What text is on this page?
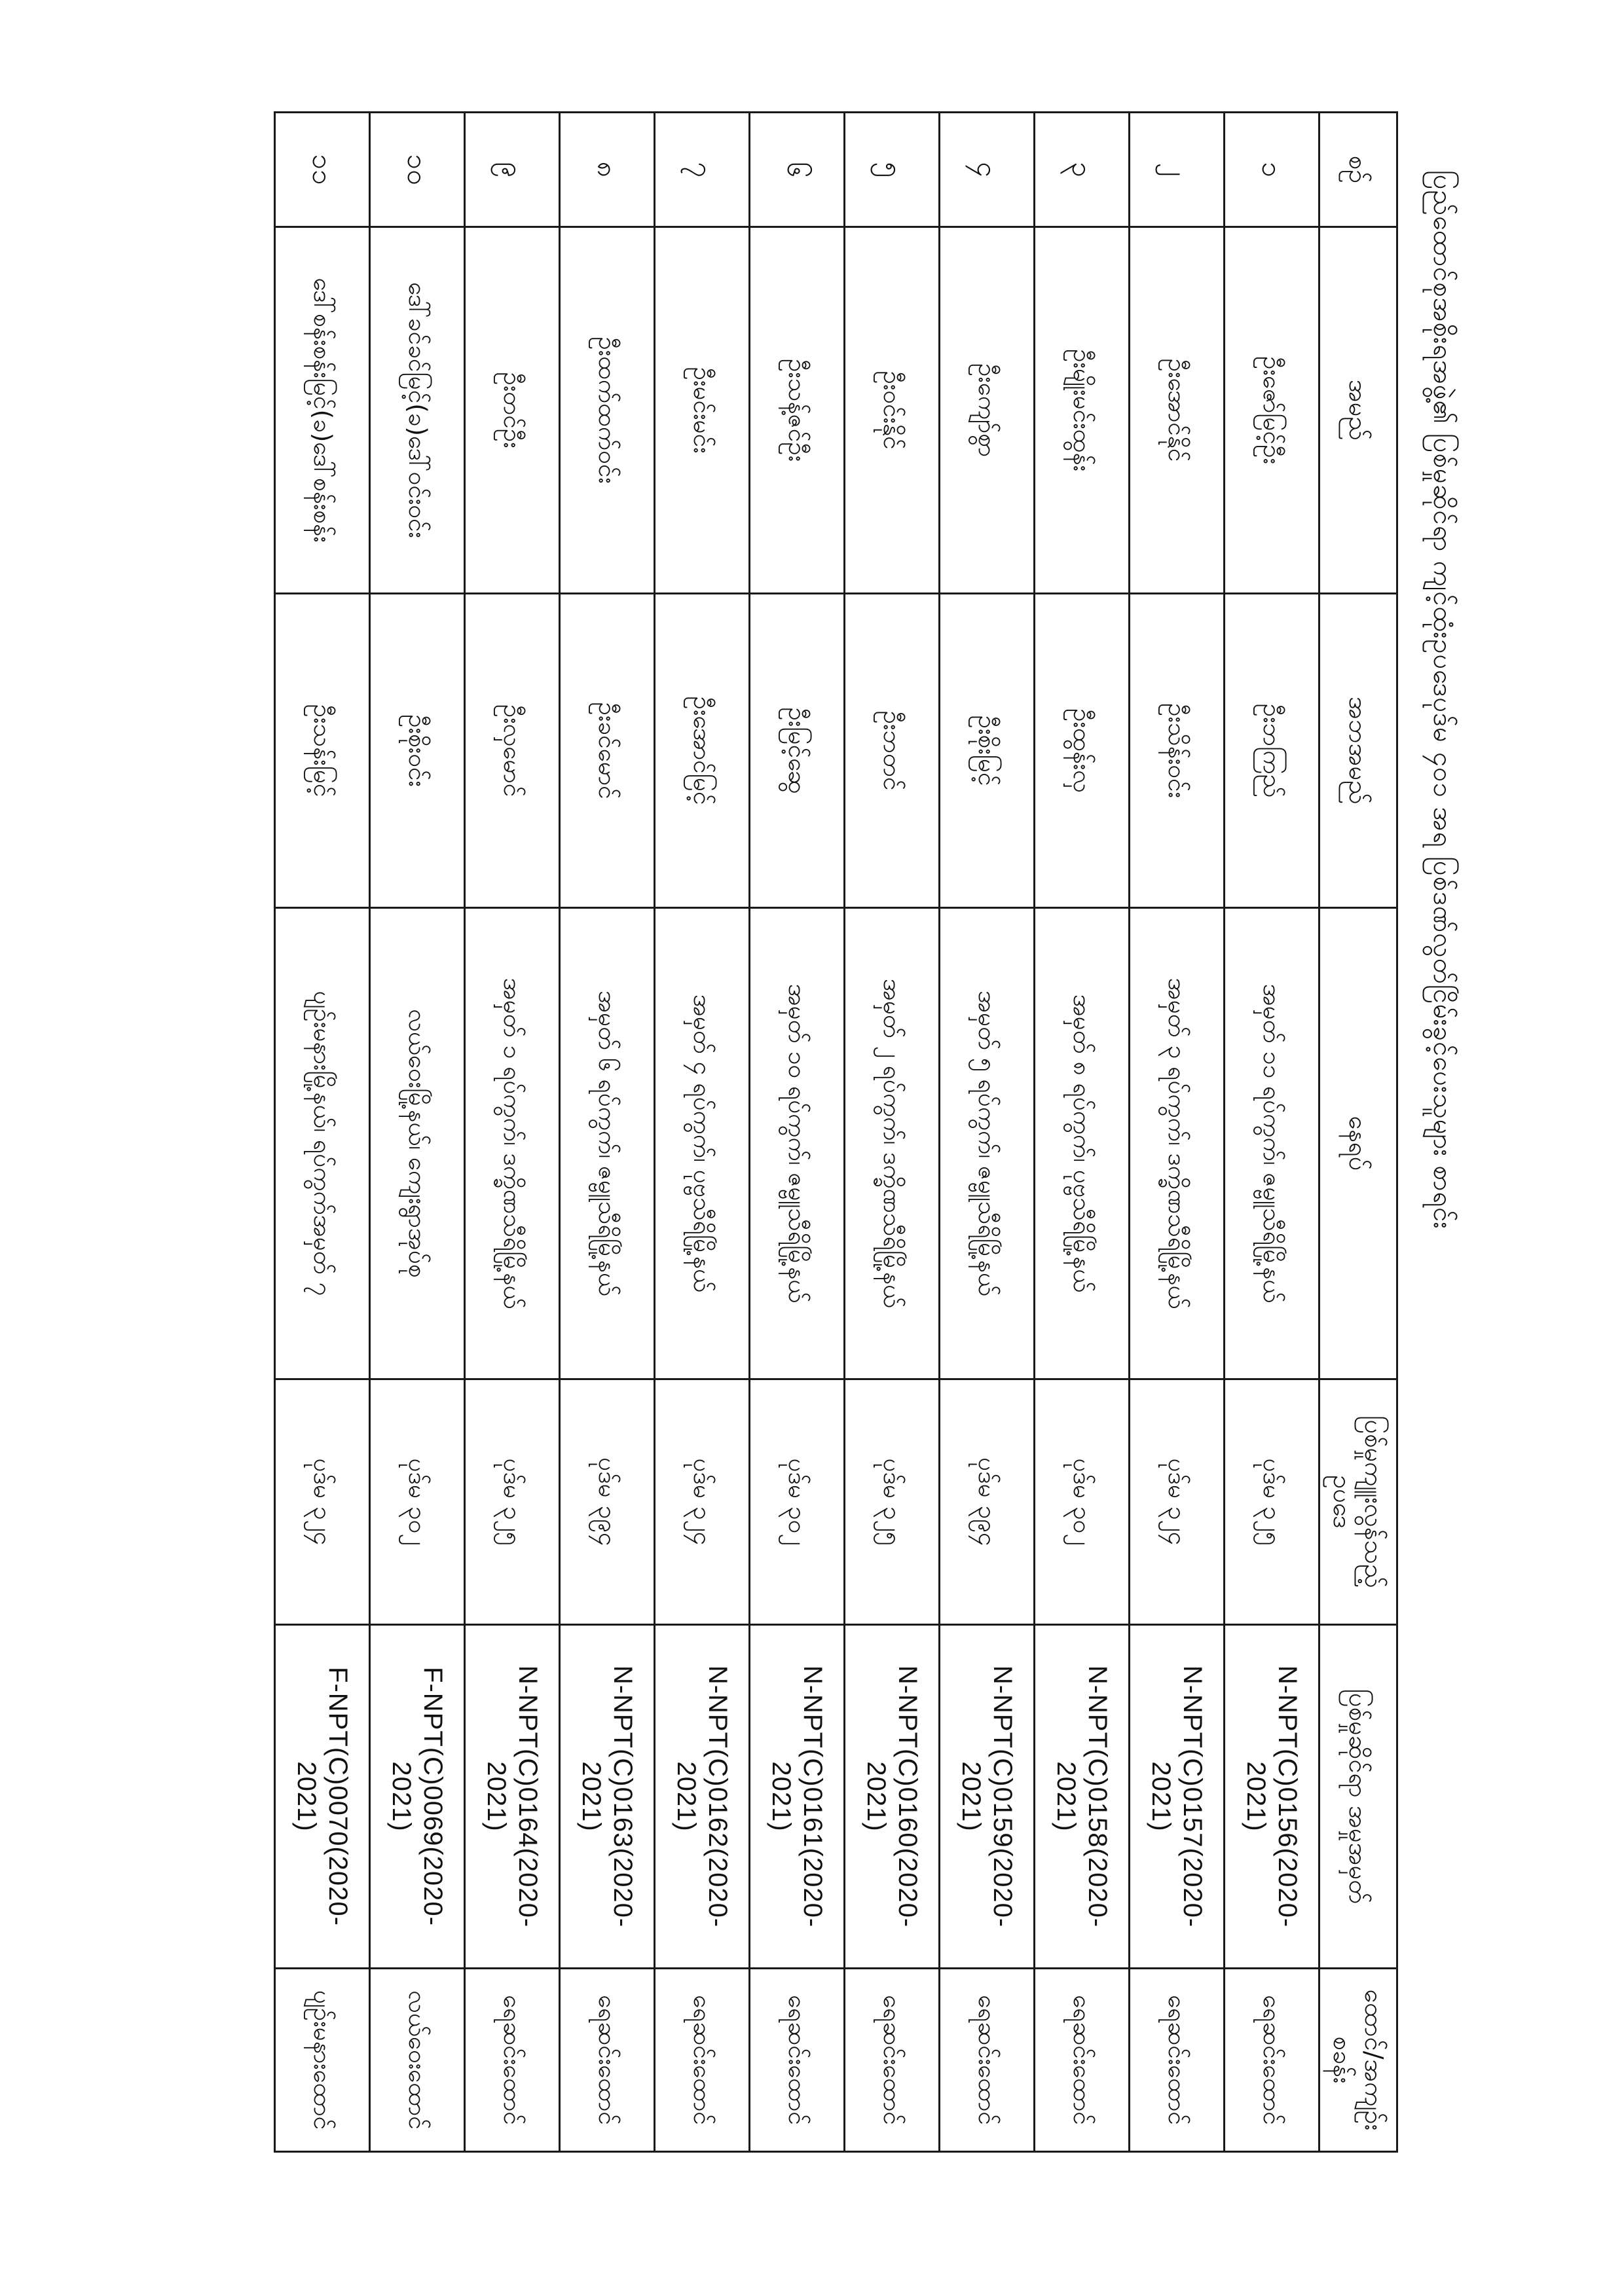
ပြည်ထောင်စုအစိုးရအဖွဲ့၏ ပြစ်မှုဆိုင်ရာ ကျင့်ထုံးဥပဒေပုဒ်မ ၄၀၁ အရ ပြစ်ဒဏ်လွတ်ငြိမ်းခွင့်ပေးသူများ စာရင်း
စဉ်	အမည်	အဘအမည်	နေရပ်	ပြစ်မှုကျူးလွန်သည့် ဥပဒေ	ပြစ်မှုဆိုင်ရာ အမှုအမှတ်	ထောင်/အကျဉ်းစခန်း
၁	ဦးဇော်မြင့်ဦး	ဦးဘကြည်	အမှတ် ၁၁ ရပ်ကွက်၊ ဇမ္ဗူသီရိမြို့နယ်	ပုဒ်မ ၃၂၅	N-NPT(C)0156(2020-2021)	ရေဆင်းထောင်
၂	ဦးအောင်နိုင်	ဦးသိန်းဝင်း	အမှတ် ၃ ရပ်ကွက်၊ ဒက္ခိဏသီရိမြို့နယ်	ပုဒ်မ ၃၂၄	N-NPT(C)0157(2020-2021)	ရေဆင်းထောင်
၃	ဦးမျိုးမင်းထွန်း	ဦးထွန်းလှ	အမှတ် ၈ ရပ်ကွက်၊ ပုဗ္ဗသီရိမြို့နယ်	ပုဒ်မ ၃၀၂	N-NPT(C)0158(2020-2021)	ရေဆင်းထောင်
၄	ဦးကျော်စွာ	ဦးစိုးမြင့်	အမှတ် ၅ ရပ်ကွက်၊ ဇမ္ဗူသီရိမြို့နယ်	ပုဒ်မ ၃၉၄	N-NPT(C)0159(2020-2021)	ရေဆင်းထောင်
၅	ဦးဝင်းနိုင်	ဦးဘတင်	အမှတ် ၂ ရပ်ကွက်၊ ဒက္ခိဏသီရိမြို့နယ်	ပုဒ်မ ၃၂၅	N-NPT(C)0160(2020-2021)	ရေဆင်းထောင်
၆	ဦးသန့်ဇင်ဦး	ဦးမြင့်ဆွေ	အမှတ် ၁၀ ရပ်ကွက်၊ ဇမ္ဗူသီရိမြို့နယ်	ပုဒ်မ ၃၀၂	N-NPT(C)0161(2020-2021)	ရေဆင်းထောင်
၇	ဦးမင်းမင်း	ဦးအောင်မြင့်	အမှတ် ၄ ရပ်ကွက်၊ ပုဗ္ဗသီရိမြို့နယ်	ပုဒ်မ ၃၂၄	N-NPT(C)0162(2020-2021)	ရေဆင်းထောင်
၈	ဦးထက်ထက်ဝင်း	ဦးခင်မောင်	အမှတ် ၆ ရပ်ကွက်၊ ဇမ္ဗူသီရိမြို့နယ်	ပုဒ်မ ၃၉၄	N-NPT(C)0163(2020-2021)	ရေဆင်းထောင်
၉	ဦးတင်ဦး	ဦးလှမောင်	အမှတ် ၁ ရပ်ကွက်၊ ဒက္ခိဏသီရိမြို့နယ်	ပုဒ်မ ၃၂၅	N-NPT(C)0164(2020-2021)	ရေဆင်းထောင်
၁၀	ဒေါ်ခင်ခင်မြင့်(ခ)ဒေါ်ဝင်းဝင်း	ဦးစိုးဝင်း	လယ်ဝေးမြို့နယ်၊ ကျေးရွာအုပ်စု	ပုဒ်မ ၃၀၂	F-NPT(C)0069(2020-2021)	လယ်ဝေးထောင်
၁၁	ဒေါ်စန်းစန်းမြင့်(ခ)ဒေါ်စန်းစန်း	ဦးသန်းမြင့်	ပျဉ်းမနားမြို့နယ်၊ ရပ်ကွက်အမှတ် ၇	ပုဒ်မ ၃၂၄	F-NPT(C)0070(2020-2021)	ပျဉ်းမနားထောင်
